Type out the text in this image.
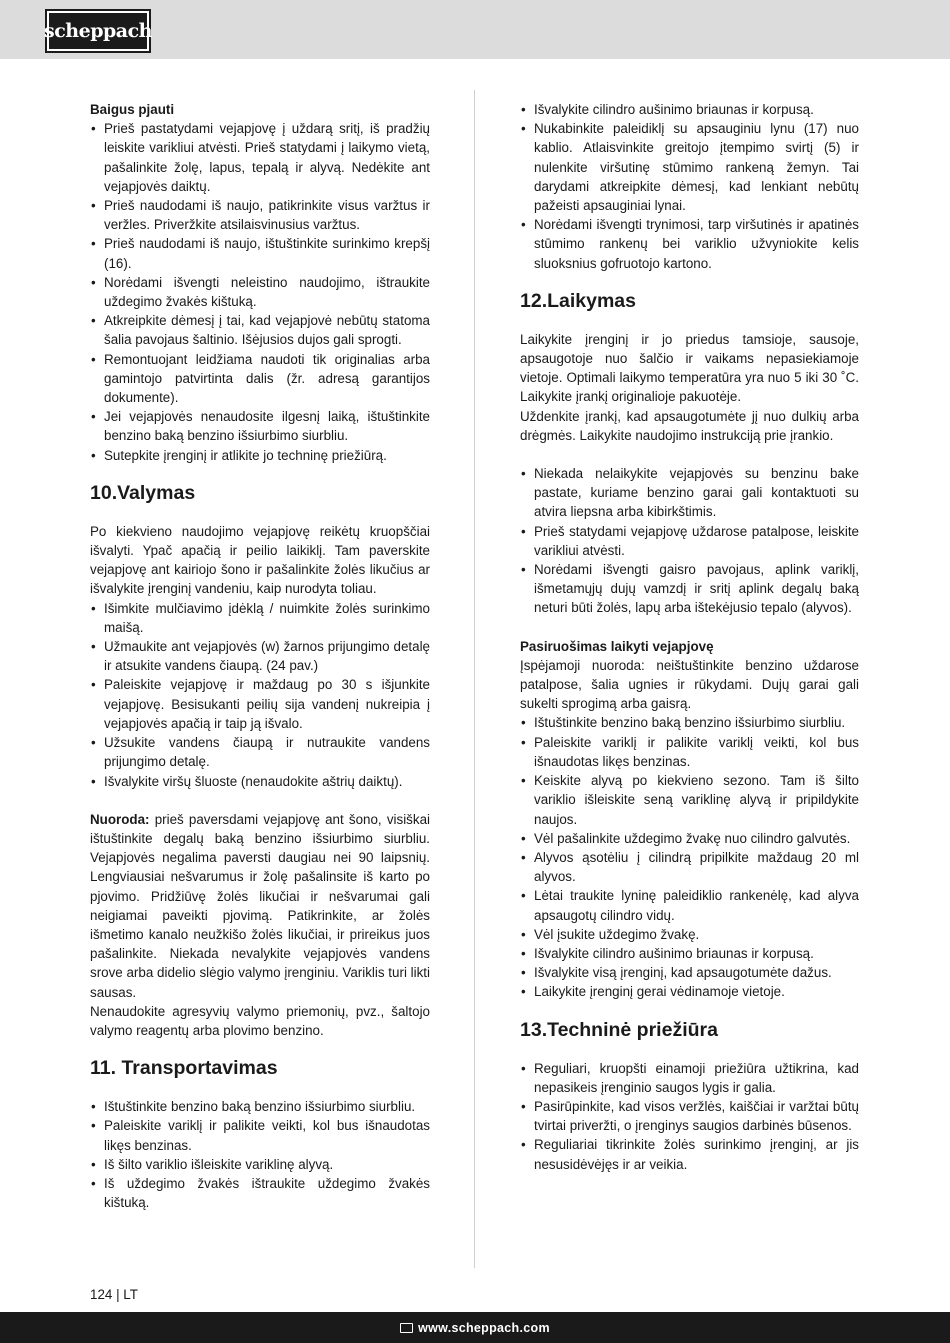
scheppach

Baigus pjauti

• Prieš pastatydami vejapjovę į uždarą sritį, iš pradžių leiskite varikliui atvėsti. Prieš statydami į laikymo vietą, pašalinkite žolę, lapus, tepalą ir alyvą. Nedėkite ant vejapjovės daiktų.
• Prieš naudodami iš naujo, patikrinkite visus varžtus ir veržles. Priveržkite atsilaisvinusius varžtus.
• Prieš naudodami iš naujo, ištuštinkite surinkimo krepšį (16).
• Norėdami išvengti neleistino naudojimo, ištraukite uždegimo žvakės kištuką.
• Atkreipkite dėmesį į tai, kad vejapjovė nebūtų statoma šalia pavojaus šaltinio. Išėjusios dujos gali sprogti.
• Remontuojant leidžiama naudoti tik originalias arba gamintojo patvirtinta dalis (žr. adresą garantijos dokumente).
• Jei vejapjovės nenaudosite ilgesnį laiką, ištuštinkite benzino baką benzino išsiurbimo siurbliu.
• Sutepkite įrenginį ir atlikite jo techninę priežiūrą.
10.Valymas

Po kiekvieno naudojimo vejapjovę reikėtų kruopščiai išvalyti. Ypač apačią ir peilio laikiklį. Tam paverskite vejapjovę ant kairiojo šono ir pašalinkite žolės likučius ar išvalykite įrenginį vandeniu, kaip nurodyta toliau.

• Išimkite mulčiavimo įdėklą / nuimkite žolės surinkimo maišą.
• Užmaukite ant vejapjovės (w) žarnos prijungimo detalę ir atsukite vandens čiaupą. (24 pav.)
• Paleiskite vejapjovę ir maždaug po 30 s išjunkite vejapjovę. Besisukanti peilių sija vandenį nukreipia į vejapjovės apačią ir taip ją išvalo.
• Užsukite vandens čiaupą ir nutraukite vandens prijungimo detalę.
• Išvalykite viršų šluoste (nenaudokite aštrių daiktų).

Nuoroda: prieš paversdami vejapjovę ant šono, visiškai ištuštinkite degalų baką benzino išsiurbimo siurbliu. Vejapjovės negalima paversti daugiau nei 90 laipsnių. Lengviausiai nešvarumus ir žolę pašalinsite iš karto po pjovimo. Pridžiūvę žolės likučiai ir nešvarumai gali neigiamai paveikti pjovimą. Patikrinkite, ar žolės išmetimo kanalo neužkišo žolės likučiai, ir prireikus juos pašalinkite. Niekada nevalykite vejapjovės vandens srove arba didelio slėgio valymo įrenginiu. Variklis turi likti sausas.

Nenaudokite agresyvių valymo priemonių, pvz., šaltojo valymo reagentų arba plovimo benzino.

11. Transportavimas
• Ištuštinkite benzino baką benzino išsiurbimo siurbliu.
• Paleiskite variklį ir palikite veikti, kol bus išnaudotas likęs benzinas.
• Iš šilto variklio išleiskite variklinę alyvą.
• Iš uždegimo žvakės ištraukite uždegimo žvakės kištuką.
• Išvalykite cilindro aušinimo briaunas ir korpusą.
• Nukabinkite paleidiklį su apsauginiu lynu (17) nuo kablio. Atlaisvinkite greitojo įtempimo svirtį (5) ir nulenkite viršutinę stūmimo rankeną žemyn. Tai darydami atkreipkite dėmesį, kad lenkiant nebūtų pažeisti apsauginiai lynai.
• Norėdami išvengti trynimosi, tarp viršutinės ir apatinės stūmimo rankenų bei variklio užvyniokite kelis sluoksnius gofruotojo kartono.
12.Laikymas

Laikykite įrenginį ir jo priedus tamsioje, sausoje, apsaugotoje nuo šalčio ir vaikams nepasiekiamoje vietoje. Optimali laikymo temperatūra yra nuo 5 iki 30 ˚C. Laikykite įrankį originalioje pakuotėje.

Uždenkite įrankį, kad apsaugotumėte jį nuo dulkių arba drėgmės. Laikykite naudojimo instrukciją prie įrankio.

• Niekada nelaikykite vejapjovės su benzinu bake pastate, kuriame benzino garai gali kontaktuoti su atvira liepsna arba kibirkštimis.
• Prieš statydami vejapjovę uždarose patalpose, leiskite varikliui atvėsti.
• Norėdami išvengti gaisro pavojaus, aplink variklį, išmetamųjų dujų vamzdį ir sritį aplink degalų baką neturi būti žolės, lapų arba ištekėjusio tepalo (alyvos).

Pasiruošimas laikyti vejapjovę

Įspėjamoji nuoroda: neištuštinkite benzino uždarose patalpose, šalia ugnies ir rūkydami. Dujų garai gali sukelti sprogimą arba gaisrą.

• Ištuštinkite benzino baką benzino išsiurbimo siurbliu.
• Paleiskite variklį ir palikite variklį veikti, kol bus išnaudotas likęs benzinas.
• Keiskite alyvą po kiekvieno sezono. Tam iš šilto variklio išleiskite seną variklinę alyvą ir pripildykite naujos.
• Vėl pašalinkite uždegimo žvakę nuo cilindro galvutės.
• Alyvos ąsotėliu į cilindrą pripilkite maždaug 20 ml alyvos.
• Lėtai traukite lyninę paleidiklio rankenėlę, kad alyva apsaugotų cilindro vidų.
• Vėl įsukite uždegimo žvakę.
• Išvalykite cilindro aušinimo briaunas ir korpusą.
• Išvalykite visą įrenginį, kad apsaugotumėte dažus.
• Laikykite įrenginį gerai vėdinamoje vietoje.
13.Techninė priežiūra
• Reguliari, kruopšti einamoji priežiūra užtikrina, kad nepasikeis įrenginio saugos lygis ir galia.
• Pasirūpinkite, kad visos veržlės, kaiščiai ir varžtai būtų tvirtai priveržti, o įrenginys saugios darbinės būsenos.
• Reguliariai tikrinkite žolės surinkimo įrenginį, ar jis nesusidėvėjęs ir ar veikia.
124 | LT
www.scheppach.com
